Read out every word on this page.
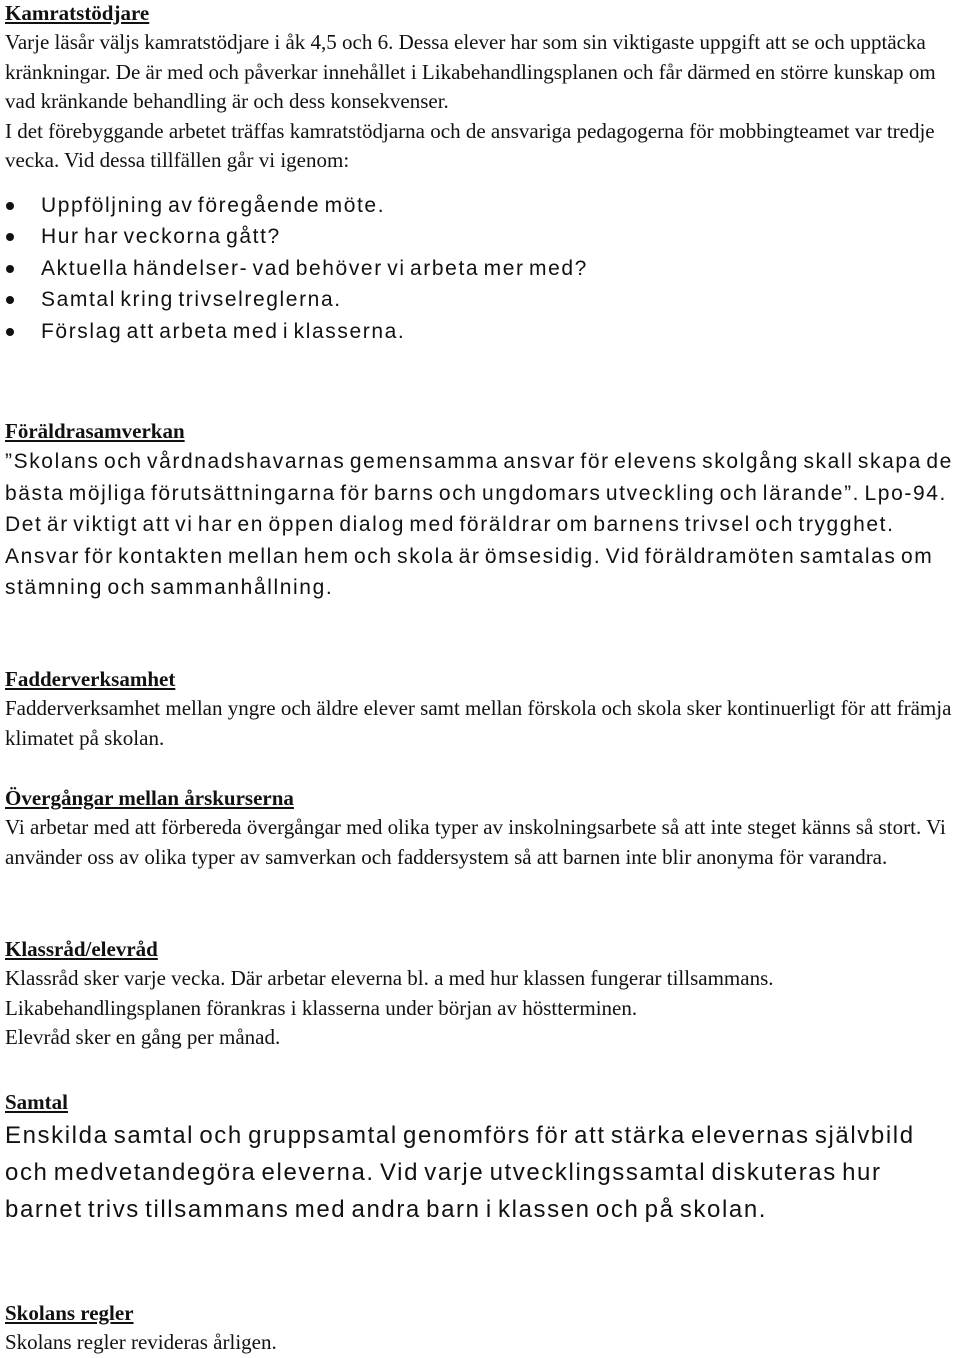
Kamratstödjare

Varje läsår väljs kamratstödjare i åk 4,5 och 6. Dessa elever har som sin viktigaste uppgift att se och upptäcka kränkningar. De är med och påverkar innehållet i Likabehandlingsplanen och får därmed en större kunskap om vad kränkande behandling är och dess konsekvenser.

I det förebyggande arbetet träffas kamratstödjarna och de ansvariga pedagogerna för mobbingteamet var tredje vecka. Vid dessa tillfällen går vi igenom:

Uppföljning av föregående möte.
Hur har veckorna gått?
Aktuella händelser- vad behöver vi arbeta mer med?
Samtal kring trivselreglerna.
Förslag att arbeta med i klasserna.
Föräldrasamverkan

”Skolans och vårdnadshavarnas gemensamma ansvar för elevens skolgång skall skapa de bästa möjliga förutsättningarna för barns och ungdomars utveckling och lärande”. Lpo-94.

Det är viktigt att vi har en öppen dialog med föräldrar om barnens trivsel och trygghet. Ansvar för kontakten mellan hem och skola är ömsesidig. Vid föräldramöten samtalas om stämning och sammanhållning.

Fadderverksamhet

Fadderverksamhet mellan yngre och äldre elever samt mellan förskola och skola sker kontinuerligt för att främja klimatet på skolan.

Övergångar mellan årskurserna

Vi arbetar med att förbereda övergångar med olika typer av inskolningsarbete så att inte steget känns så stort. Vi använder oss av olika typer av samverkan och faddersystem så att barnen inte blir anonyma för varandra.

Klassråd/elevråd

Klassråd sker varje vecka. Där arbetar eleverna bl. a med hur klassen fungerar tillsammans.

Likabehandlingsplanen förankras i klasserna under början av höstterminen.

Elevråd sker en gång per månad.

Samtal

Enskilda samtal och gruppsamtal genomförs för att stärka elevernas självbild och medvetandegöra eleverna. Vid varje utvecklingssamtal diskuteras hur barnet trivs tillsammans med andra barn i klassen och på skolan.

Skolans regler

Skolans regler revideras årligen.
